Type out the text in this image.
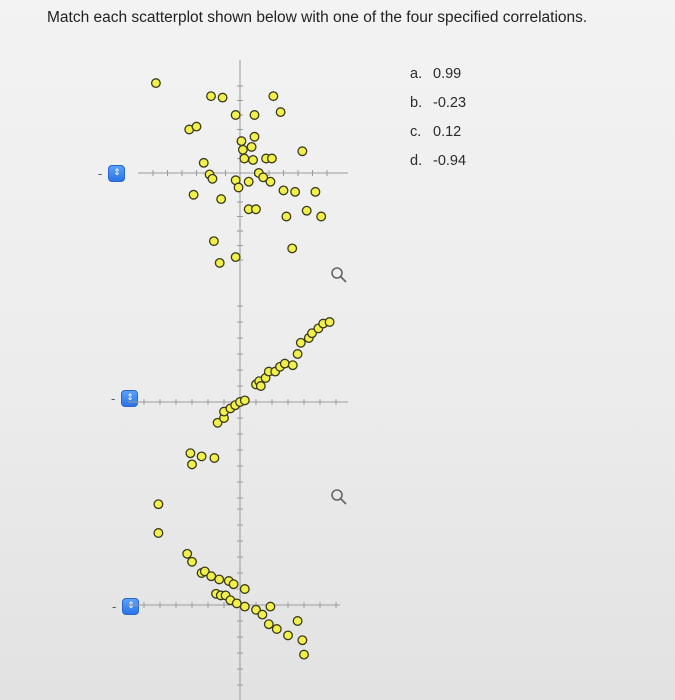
Match each scatterplot shown below with one of the four specified correlations.
a. 0.99
b. -0.23
c. 0.12
d. -0.94
-	⇕
-	⇕
-	⇕
